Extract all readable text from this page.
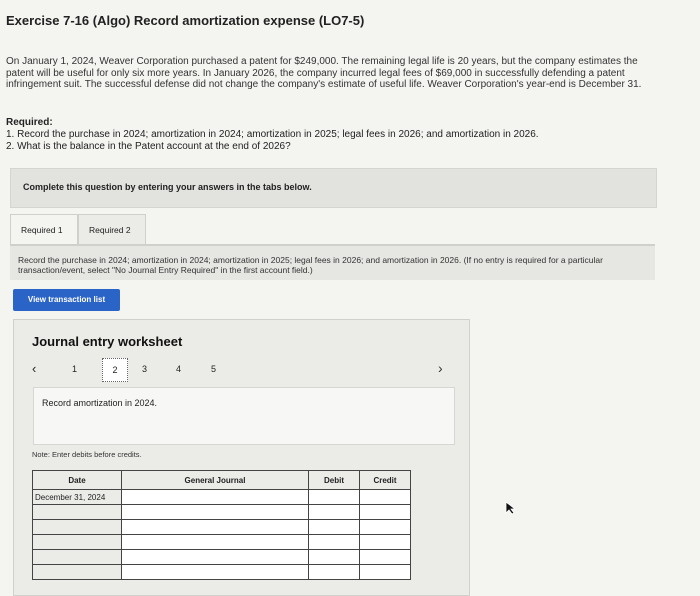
Exercise 7-16 (Algo) Record amortization expense (LO7-5)
On January 1, 2024, Weaver Corporation purchased a patent for $249,000. The remaining legal life is 20 years, but the company estimates the patent will be useful for only six more years. In January 2026, the company incurred legal fees of $69,000 in successfully defending a patent infringement suit. The successful defense did not change the company's estimate of useful life. Weaver Corporation's year-end is December 31.
Required:
1. Record the purchase in 2024; amortization in 2024; amortization in 2025; legal fees in 2026; and amortization in 2026.
2. What is the balance in the Patent account at the end of 2026?
Complete this question by entering your answers in the tabs below.
Required 1	Required 2
Record the purchase in 2024; amortization in 2024; amortization in 2025; legal fees in 2026; and amortization in 2026. (If no entry is required for a particular transaction/event, select "No Journal Entry Required" in the first account field.)
View transaction list
Journal entry worksheet
‹	1	2	3	4	5
Record amortization in 2024.
Note: Enter debits before credits.
Date	General Journal	Debit	Credit
December 31, 2024			

›
